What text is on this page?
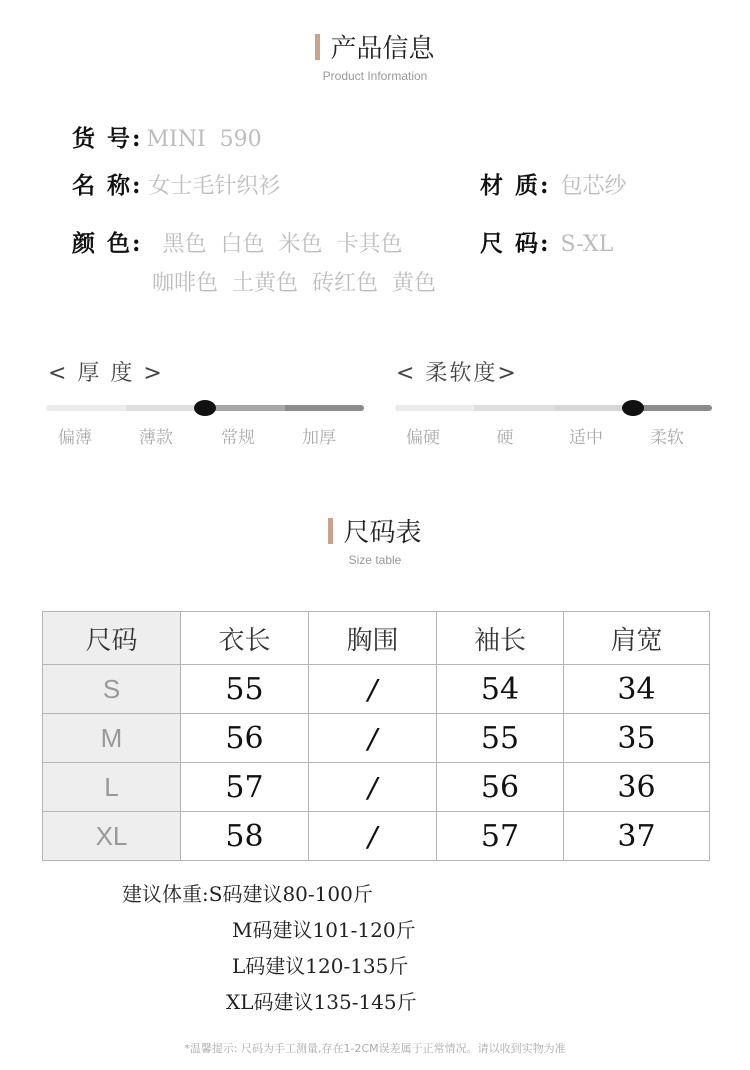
产品信息
Product Information
货 号: MINI  590
名 称: 女士毛针织衫	材 质: 包芯纱
颜 色: 黑色  白色  米色  卡其色
咖啡色  土黄色  砖红色  黄色
尺 码: S-XL
< 厚 度 >
偏薄	薄款	常规	加厚
< 柔软度>
偏硬	硬	适中	柔软
尺码表
Size table
尺码	衣长	胸围	袖长	肩宽
S	55	/	54	34
M	56	/	55	35
L	57	/	56	36
XL	58	/	57	37
建议体重:S码建议80-100斤
M码建议101-120斤
L码建议120-135斤
XL码建议135-145斤
*温馨提示: 尺码为手工测量,存在1-2CM误差属于正常情况。请以收到实物为准
